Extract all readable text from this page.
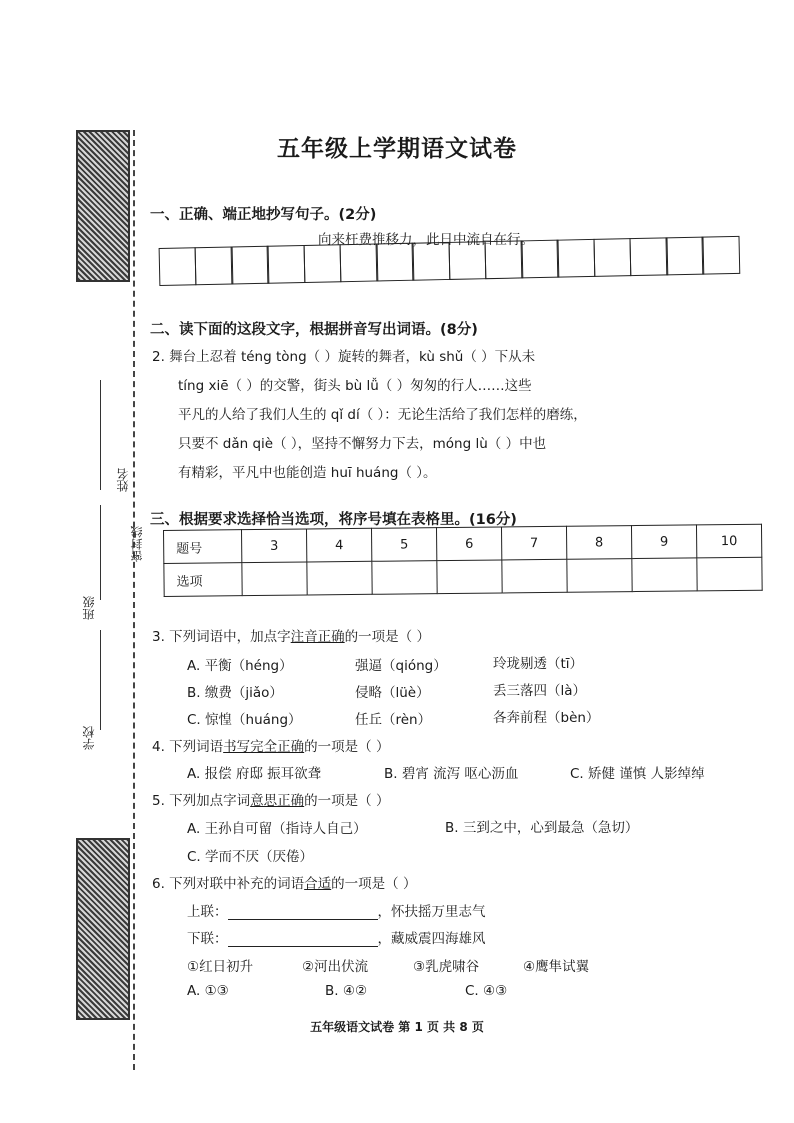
姓名
密封线
班级
学校
五年级上学期语文试卷
一、正确、端正地抄写句子。(2分)
向来枉费推移力，此日中流自在行。
二、读下面的这段文字，根据拼音写出词语。(8分)
2. 舞台上忍着 téng tòng（ ）旋转的舞者，kù shǔ（ ）下从未
tíng xiē（ ）的交警，街头 bù lǚ（ ）匆匆的行人……这些
平凡的人给了我们人生的 qǐ dí（ ）：无论生活给了我们怎样的磨练，
只要不 dǎn qiè（ ），坚持不懈努力下去，móng lù（ ）中也
有精彩，平凡中也能创造 huī huáng（ ）。
三、根据要求选择恰当选项，将序号填在表格里。(16分)
题号	3	4	5	6	7	8	9	10
选项								
3. 下列词语中，加点字注音正确的一项是（ ）
A. 平衡（héng）	强逼（qióng）	玲珑剔透（tī）
B. 缴费（jiǎo）	侵略（lüè）	丢三落四（là）
C. 惊惶（huáng）	任丘（rèn）	各奔前程（bèn）
4. 下列词语书写完全正确的一项是（ ）
A. 报偿 府邸 振耳欲聋	B. 碧宵 流泻 呕心沥血	C. 矫健 谨慎 人影绰绰
5. 下列加点字词意思正确的一项是（ ）
A. 王孙自可留（指诗人自己）	B. 三到之中，心到最急（急切）
C. 学而不厌（厌倦）
6. 下列对联中补充的词语合适的一项是（ ）
上联：	，怀扶摇万里志气
下联：	，藏威震四海雄风
①红日初升	②河出伏流	③乳虎啸谷	④鹰隼试翼
A. ①③	B. ④②	C. ④③
五年级语文试卷 第 1 页 共 8 页
